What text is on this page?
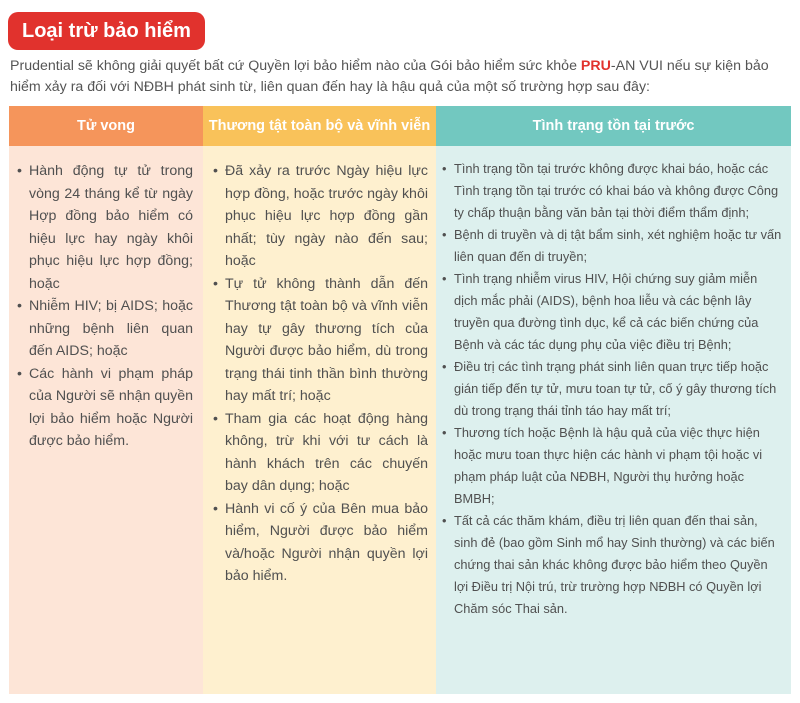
Loại trừ bảo hiểm

Prudential sẽ không giải quyết bất cứ Quyền lợi bảo hiểm nào của Gói bảo hiểm sức khỏe PRU-AN VUI nếu sự kiện bảo hiểm xảy ra đối với NĐBH phát sinh từ, liên quan đến hay là hậu quả của một số trường hợp sau đây:

Tử vong
• Hành động tự tử trong vòng 24 tháng kể từ ngày Hợp đồng bảo hiểm có hiệu lực hay ngày khôi phục hiệu lực hợp đồng; hoặc
• Nhiễm HIV; bị AIDS; hoặc những bệnh liên quan đến AIDS; hoặc
• Các hành vi phạm pháp của Người sẽ nhận quyền lợi bảo hiểm hoặc Người được bảo hiểm.
Thương tật toàn bộ và vĩnh viễn
• Đã xảy ra trước Ngày hiệu lực hợp đồng, hoặc trước ngày khôi phục hiệu lực hợp đồng gần nhất; tùy ngày nào đến sau; hoặc
• Tự tử không thành dẫn đến Thương tật toàn bộ và vĩnh viễn hay tự gây thương tích của Người được bảo hiểm, dù trong trạng thái tinh thần bình thường hay mất trí; hoặc
• Tham gia các hoạt động hàng không, trừ khi với tư cách là hành khách trên các chuyến bay dân dụng; hoặc
• Hành vi cố ý của Bên mua bảo hiểm, Người được bảo hiểm và/hoặc Người nhận quyền lợi bảo hiểm.
Tình trạng tồn tại trước
• Tình trạng tồn tại trước không được khai báo, hoặc các Tình trạng tồn tại trước có khai báo và không được Công ty chấp thuận bằng văn bản tại thời điểm thẩm định;
• Bệnh di truyền và dị tật bẩm sinh, xét nghiệm hoặc tư vấn liên quan đến di truyền;
• Tình trạng nhiễm virus HIV, Hội chứng suy giảm miễn dịch mắc phải (AIDS), bệnh hoa liễu và các bệnh lây truyền qua đường tình dục, kể cả các biến chứng của Bệnh và các tác dụng phụ của việc điều trị Bệnh;
• Điều trị các tình trạng phát sinh liên quan trực tiếp hoặc gián tiếp đến tự tử, mưu toan tự tử, cố ý gây thương tích dù trong trạng thái tỉnh táo hay mất trí;
• Thương tích hoặc Bệnh là hậu quả của việc thực hiện hoặc mưu toan thực hiện các hành vi phạm tội hoặc vi phạm pháp luật của NĐBH, Người thụ hưởng hoặc BMBH;
• Tất cả các thăm khám, điều trị liên quan đến thai sản, sinh đẻ (bao gồm Sinh mổ hay Sinh thường) và các biến chứng thai sản khác không được bảo hiểm theo Quyền lợi Điều trị Nội trú, trừ trường hợp NĐBH có Quyền lợi Chăm sóc Thai sản.
